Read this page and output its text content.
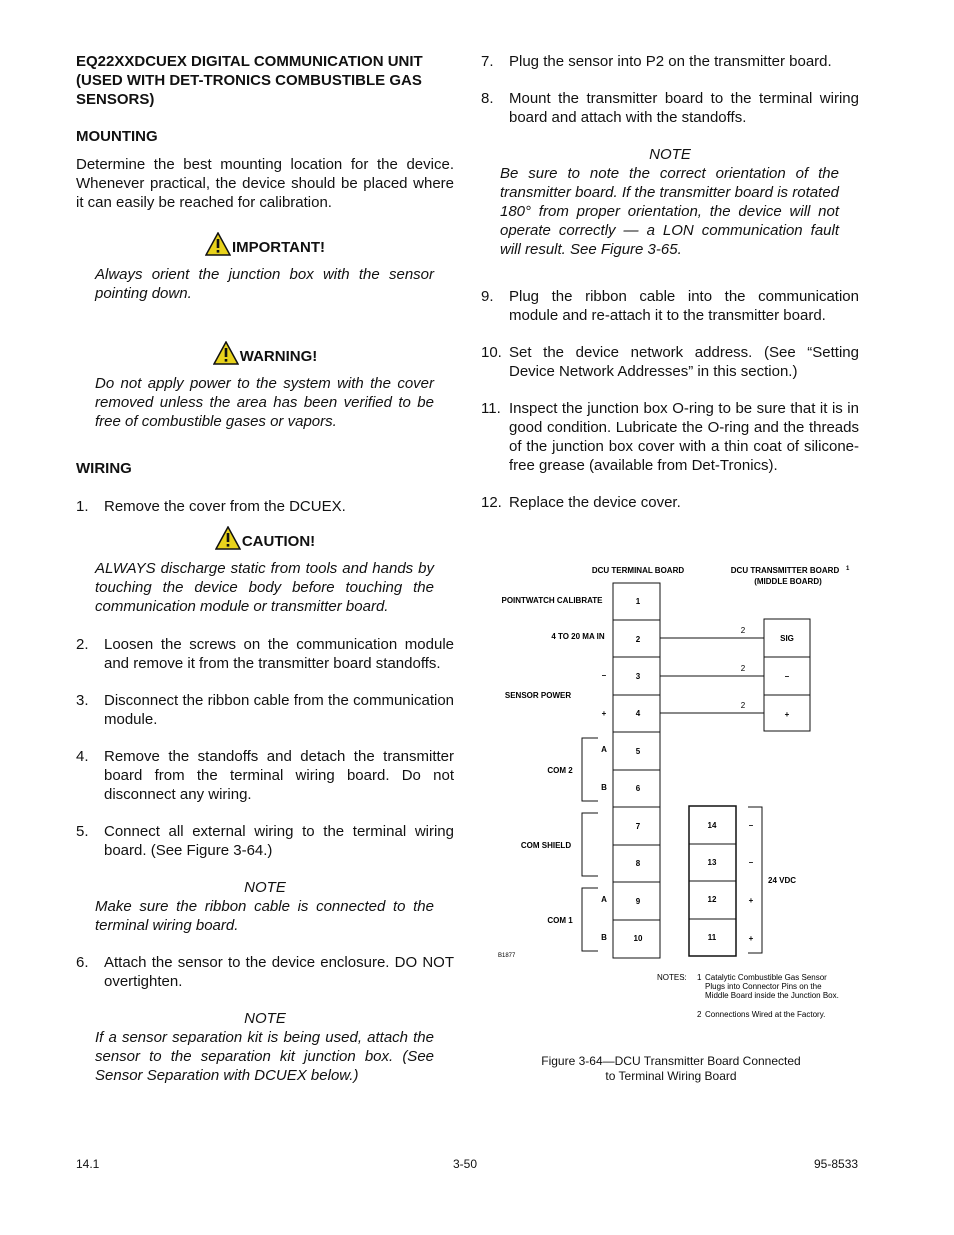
EQ22XXDCUEX DIGITAL COMMUNICATION UNIT (USED WITH DET-TRONICS COMBUSTIBLE GAS SENSORS)
MOUNTING

Determine the best mounting location for the device. Whenever practical, the device should be placed where it can easily be reached for calibration.

IMPORTANT!
Always orient the junction box with the sensor pointing down.
WARNING!
Do not apply power to the system with the cover removed unless the area has been verified to be free of combustible gases or vapors.
WIRING
1. Remove the cover from the DCUEX.
CAUTION!
ALWAYS discharge static from tools and hands by touching the device body before touching the communication module or transmitter board.
2. Loosen the screws on the communication module and remove it from the transmitter board standoffs.
3. Disconnect the ribbon cable from the communication module.
4. Remove the standoffs and detach the transmitter board from the terminal wiring board. Do not disconnect any wiring.
5. Connect all external wiring to the terminal wiring board. (See Figure 3-64.)
NOTE
Make sure the ribbon cable is connected to the terminal wiring board.
6. Attach the sensor to the device enclosure. DO NOT overtighten.
NOTE
If a sensor separation kit is being used, attach the sensor to the separation kit junction box. (See Sensor Separation with DCUEX below.)
7. Plug the sensor into P2 on the transmitter board.
8. Mount the transmitter board to the terminal wiring board and attach with the standoffs.
NOTE
Be sure to note the correct orientation of the transmitter board. If the transmitter board is rotated 180° from proper orientation, the device will not operate correctly — a LON communication fault will result. See Figure 3-65.
9. Plug the ribbon cable into the communication module and re-attach it to the transmitter board.
10. Set the device network address. (See “Setting Device Network Addresses” in this section.)
11. Inspect the junction box O-ring to be sure that it is in good condition. Lubricate the O-ring and the threads of the junction box cover with a thin coat of silicone-free grease (available from Det-Tronics).
12. Replace the device cover.
DCU TERMINAL BOARD	DCU TRANSMITTER BOARD 1
(MIDDLE BOARD)
1
2
3
4
5
6
7
8
9
10
POINTWATCH CALIBRATE
4 TO 20 MA IN
SENSOR POWER
–
+
A
B
COM 2
COM SHIELD
A
B
COM 1
SIG
–
+
2
2
2
14
13
12
11
–
–
+
+
24 VDC
B1877
NOTES: 1 Catalytic Combustible Gas Sensor
Plugs into Connector Pins on the
Middle Board inside the Junction Box.
2 Connections Wired at the Factory.
Figure 3-64—DCU Transmitter Board Connected
to Terminal Wiring Board
14.1	3-50	95-8533
